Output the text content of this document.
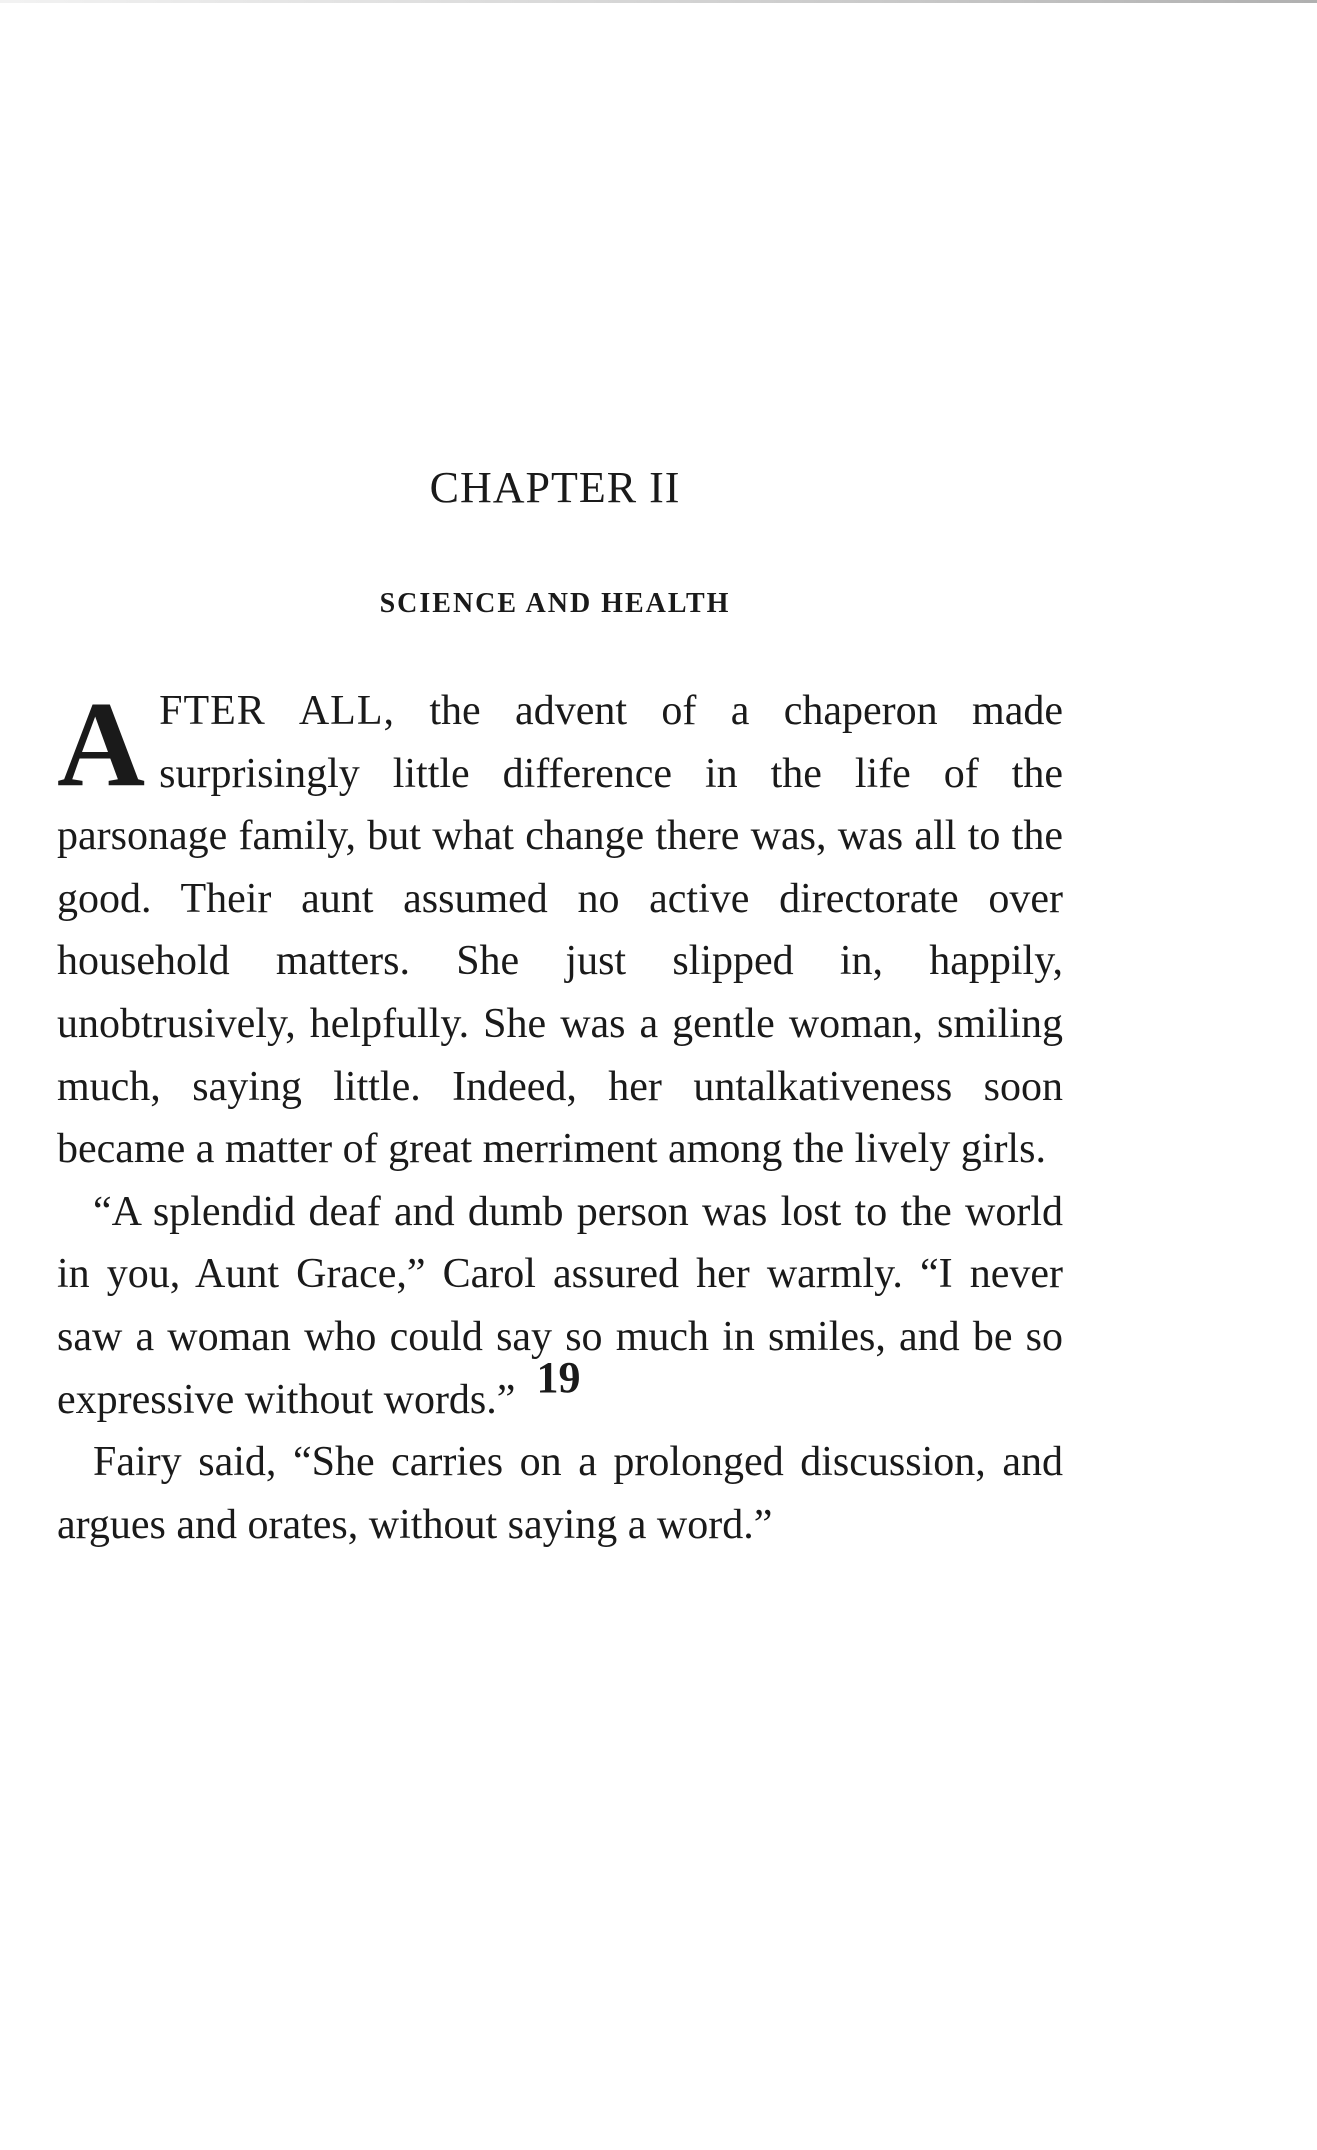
CHAPTER II
SCIENCE AND HEALTH

AFTER ALL, the advent of a chaperon made surprisingly little difference in the life of the parsonage family, but what change there was, was all to the good. Their aunt assumed no active directorate over household matters. She just slipped in, happily, unobtrusively, helpfully. She was a gentle woman, smiling much, saying little. Indeed, her untalkativeness soon became a matter of great merriment among the lively girls.

“A splendid deaf and dumb person was lost to the world in you, Aunt Grace,” Carol assured her warmly. “I never saw a woman who could say so much in smiles, and be so expressive without words.”

Fairy said, “She carries on a prolonged discussion, and argues and orates, without saying a word.”

19
